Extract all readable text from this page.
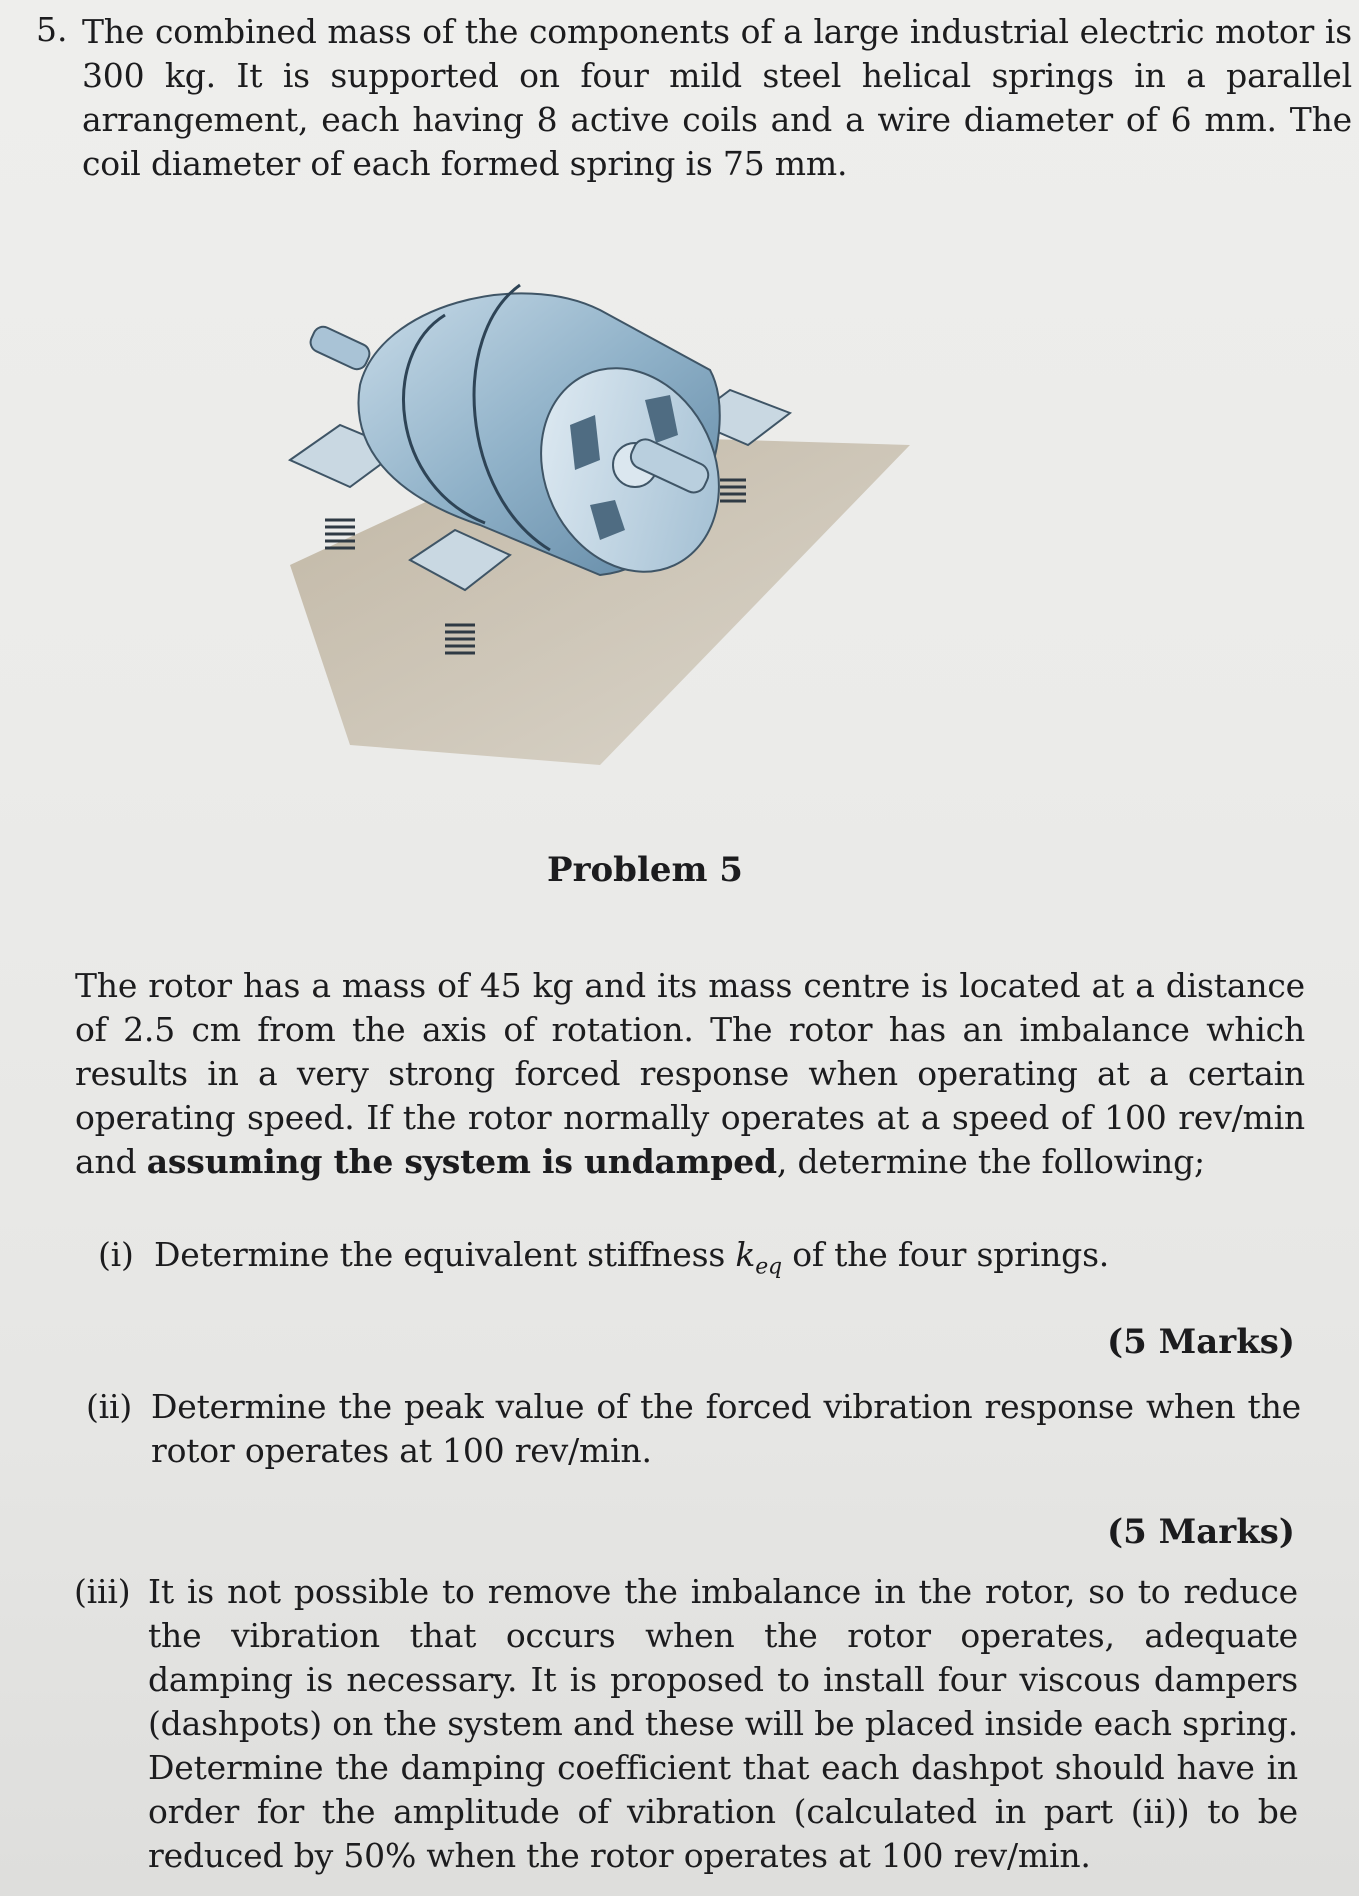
5. The combined mass of the components of a large industrial electric motor is 300 kg. It is supported on four mild steel helical springs in a parallel arrangement, each having 8 active coils and a wire diameter of 6 mm. The coil diameter of each formed spring is 75 mm.
Problem 5
The rotor has a mass of 45 kg and its mass centre is located at a distance of 2.5 cm from the axis of rotation. The rotor has an imbalance which results in a very strong forced response when operating at a certain operating speed. If the rotor normally operates at a speed of 100 rev/min and assuming the system is undamped, determine the following;
(i) Determine the equivalent stiffness $k_{eq}$ of the four springs.
(5 Marks)
(ii) Determine the peak value of the forced vibration response when the rotor operates at 100 rev/min.
(5 Marks)
(iii) It is not possible to remove the imbalance in the rotor, so to reduce the vibration that occurs when the rotor operates, adequate damping is necessary. It is proposed to install four viscous dampers (dashpots) on the system and these will be placed inside each spring. Determine the damping coefficient that each dashpot should have in order for the amplitude of vibration (calculated in part (ii)) to be reduced by 50% when the rotor operates at 100 rev/min.
